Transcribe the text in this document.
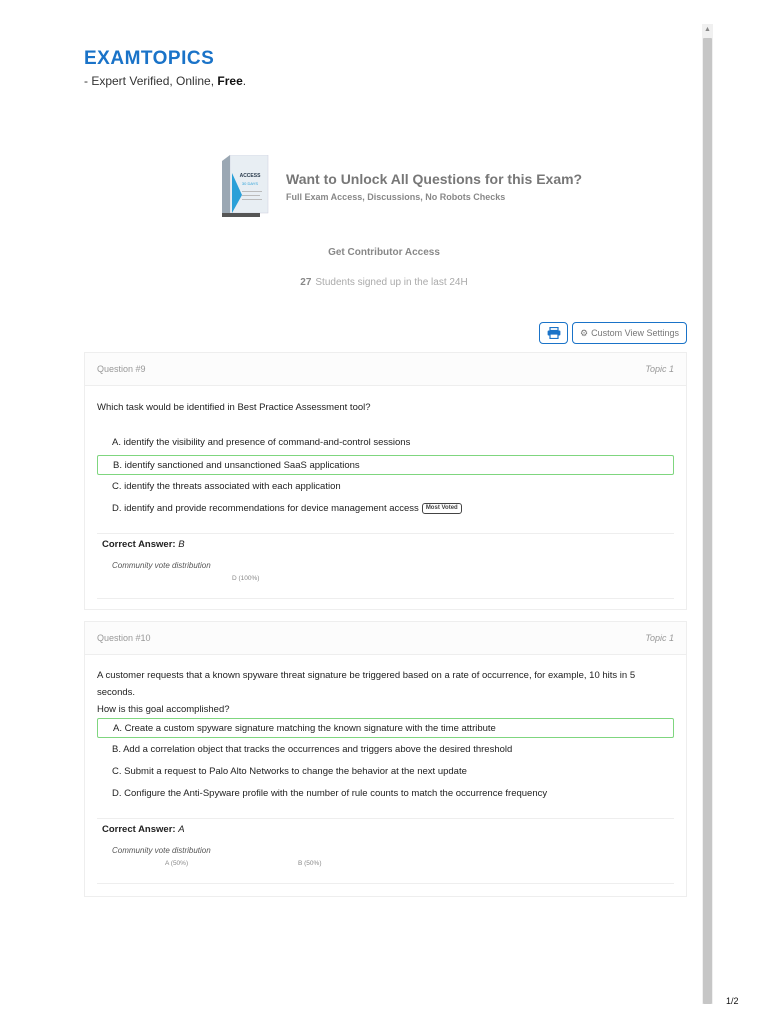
EXAMTOPICS
- Expert Verified, Online, Free.
ACCESS
30 DAYS Want to Unlock All Questions for this Exam?
Full Exam Access, Discussions, No Robots Checks
Get Contributor Access
27 Students signed up in the last 24H
⚙ Custom View Settings
Question #9	Topic 1
Which task would be identified in Best Practice Assessment tool?
A. identify the visibility and presence of command-and-control sessions
B. identify sanctioned and unsanctioned SaaS applications
C. identify the threats associated with each application
D. identify and provide recommendations for device management access Most Voted
Correct Answer: B
Community vote distribution
D (100%)
Question #10	Topic 1
A customer requests that a known spyware threat signature be triggered based on a rate of occurrence, for example, 10 hits in 5 seconds.
How is this goal accomplished?
A. Create a custom spyware signature matching the known signature with the time attribute
B. Add a correlation object that tracks the occurrences and triggers above the desired threshold
C. Submit a request to Palo Alto Networks to change the behavior at the next update
D. Configure the Anti-Spyware profile with the number of rule counts to match the occurrence frequency
Correct Answer: A
Community vote distribution
A (50%)	B (50%)
▲
1/2
